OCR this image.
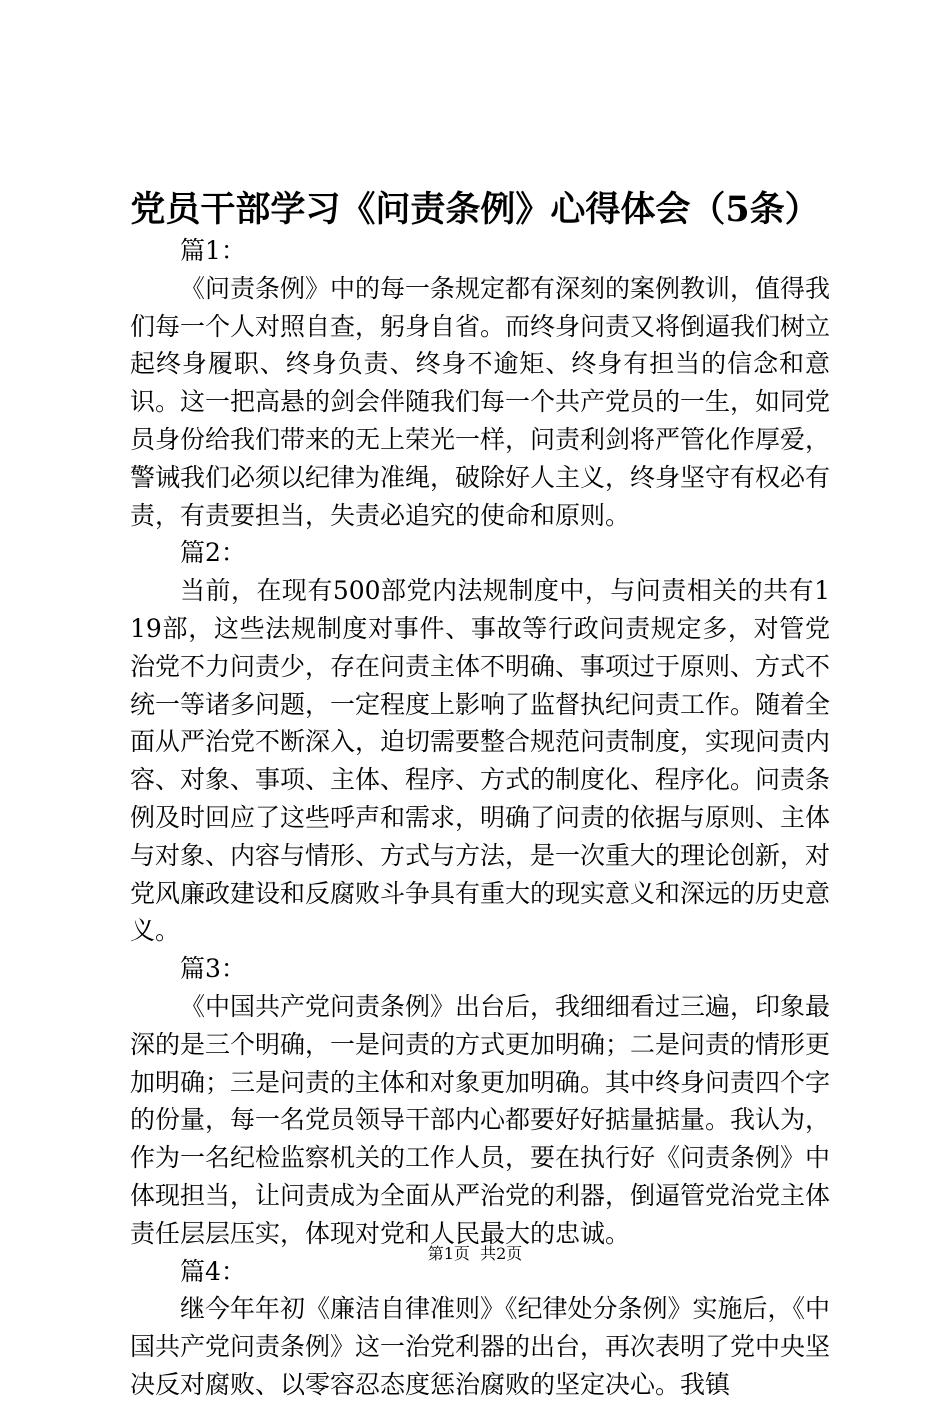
党员干部学习《问责条例》心得体会（5条）

篇1：

《问责条例》中的每一条规定都有深刻的案例教训，值得我们每一个人对照自查，躬身自省。而终身问责又将倒逼我们树立起终身履职、终身负责、终身不逾矩、终身有担当的信念和意识。这一把高悬的剑会伴随我们每一个共产党员的一生，如同党员身份给我们带来的无上荣光一样，问责利剑将严管化作厚爱，警诫我们必须以纪律为准绳，破除好人主义，终身坚守有权必有责，有责要担当，失责必追究的使命和原则。

篇2：

当前，在现有500部党内法规制度中，与问责相关的共有119部，这些法规制度对事件、事故等行政问责规定多，对管党治党不力问责少，存在问责主体不明确、事项过于原则、方式不统一等诸多问题，一定程度上影响了监督执纪问责工作。随着全面从严治党不断深入，迫切需要整合规范问责制度，实现问责内容、对象、事项、主体、程序、方式的制度化、程序化。问责条例及时回应了这些呼声和需求，明确了问责的依据与原则、主体与对象、内容与情形、方式与方法，是一次重大的理论创新，对党风廉政建设和反腐败斗争具有重大的现实意义和深远的历史意义。

篇3：

《中国共产党问责条例》出台后，我细细看过三遍，印象最深的是三个明确，一是问责的方式更加明确；二是问责的情形更加明确；三是问责的主体和对象更加明确。其中终身问责四个字的份量，每一名党员领导干部内心都要好好掂量掂量。我认为，作为一名纪检监察机关的工作人员，要在执行好《问责条例》中体现担当，让问责成为全面从严治党的利器，倒逼管党治党主体责任层层压实，体现对党和人民最大的忠诚。

篇4：

继今年年初《廉洁自律准则》《纪律处分条例》实施后，《中国共产党问责条例》这一治党利器的出台，再次表明了党中央坚决反对腐败、以零容忍态度惩治腐败的坚定决心。我镇

第1页  共2页
